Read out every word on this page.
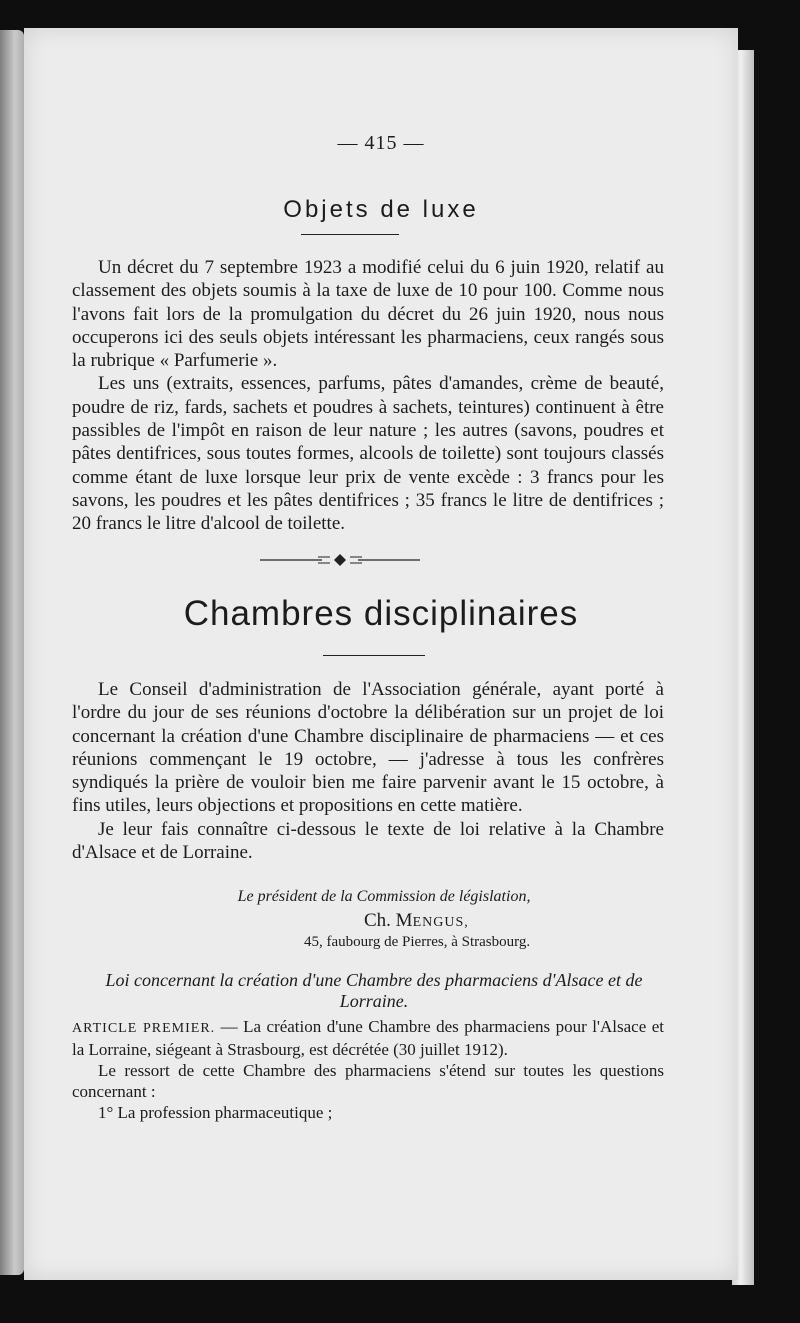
— 415 —
Objets de luxe

Un décret du 7 septembre 1923 a modifié celui du 6 juin 1920, relatif au classement des objets soumis à la taxe de luxe de 10 pour 100. Comme nous l'avons fait lors de la promulgation du décret du 26 juin 1920, nous nous occuperons ici des seuls objets intéressant les pharmaciens, ceux rangés sous la rubrique « Parfumerie ».

Les uns (extraits, essences, parfums, pâtes d'amandes, crème de beauté, poudre de riz, fards, sachets et poudres à sachets, teintures) continuent à être passibles de l'impôt en raison de leur nature ; les autres (savons, poudres et pâtes dentifrices, sous toutes formes, alcools de toilette) sont toujours classés comme étant de luxe lorsque leur prix de vente excède : 3 francs pour les savons, les poudres et les pâtes dentifrices ; 35 francs le litre de dentifrices ; 20 francs le litre d'alcool de toilette.

Chambres disciplinaires

Le Conseil d'administration de l'Association générale, ayant porté à l'ordre du jour de ses réunions d'octobre la délibération sur un projet de loi concernant la création d'une Chambre disciplinaire de pharmaciens — et ces réunions commençant le 19 octobre, — j'adresse à tous les confrères syndiqués la prière de vouloir bien me faire parvenir avant le 15 octobre, à fins utiles, leurs objections et propositions en cette matière.

Je leur fais connaître ci-dessous le texte de loi relative à la Chambre d'Alsace et de Lorraine.

Le président de la Commission de législation,
Ch. MENGUS,
45, faubourg de Pierres, à Strasbourg.
Loi concernant la création d'une Chambre des pharmaciens d'Alsace et de Lorraine.

ARTICLE PREMIER. — La création d'une Chambre des pharmaciens pour l'Alsace et la Lorraine, siégeant à Strasbourg, est décrétée (30 juillet 1912).

Le ressort de cette Chambre des pharmaciens s'étend sur toutes les questions concernant :

1° La profession pharmaceutique ;
